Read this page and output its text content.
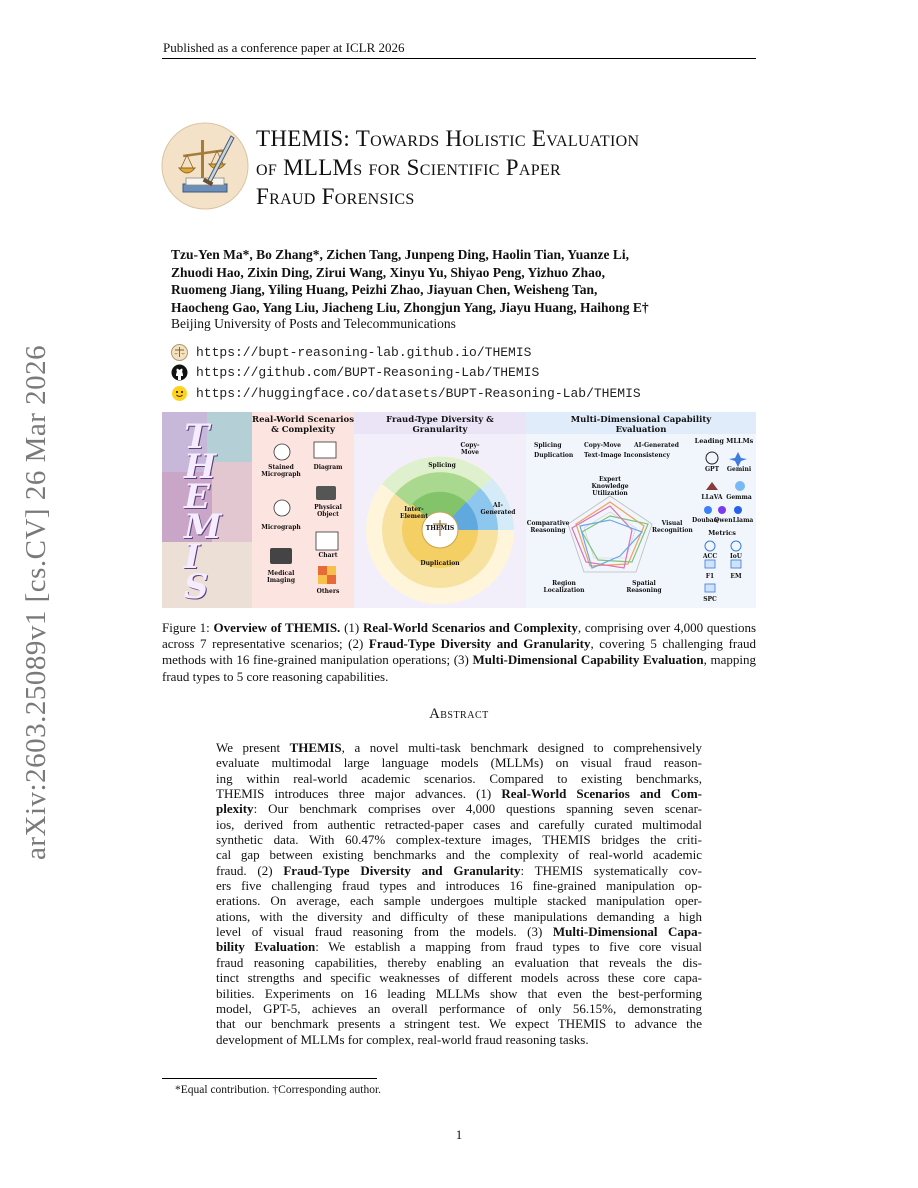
Published as a conference paper at ICLR 2026
arXiv:2603.25089v1 [cs.CV] 26 Mar 2026
THEMIS: Towards Holistic Evaluation
of MLLMs for Scientific Paper
Fraud Forensics
Tzu-Yen Ma*, Bo Zhang*, Zichen Tang, Junpeng Ding, Haolin Tian, Yuanze Li,
Zhuodi Hao, Zixin Ding, Zirui Wang, Xinyu Yu, Shiyao Peng, Yizhuo Zhao,
Ruomeng Jiang, Yiling Huang, Peizhi Zhao, Jiayuan Chen, Weisheng Tan,
Haocheng Gao, Yang Liu, Jiacheng Liu, Zhongjun Yang, Jiayu Huang, Haihong E†
Beijing University of Posts and Telecommunications
https://bupt-reasoning-lab.github.io/THEMIS
https://github.com/BUPT-Reasoning-Lab/THEMIS
https://huggingface.co/datasets/BUPT-Reasoning-Lab/THEMIS
Real-World Scenarios & Complexity
Fraud-Type Diversity & Granularity
Multi-Dimensional Capability Evaluation
THEMIS
Stained Micrograph
Diagram
Micrograph
Physical Object
Medical Imaging
Chart
Others
THEMIS
Splicing
Duplication
Copy-Move
AI-Generated
Inter-Element
Splicing	Copy-Move	AI-Generated
Duplication	Text-Image Inconsistency
Expert Knowledge Utilization
Visual Recognition
Spatial Reasoning
Region Localization
Comparative Reasoning
Leading MLLMs
GPT	Gemini
LLaVA Gemma
Doubao
Qwen Llama
Metrics
ACC	IoU
F1	EM
SPC
Figure 1: Overview of THEMIS. (1) Real-World Scenarios and Complexity, comprising over 4,000 questions across 7 representative scenarios; (2) Fraud-Type Diversity and Granularity, covering 5 challenging fraud methods with 16 fine-grained manipulation operations; (3) Multi-Dimensional Capability Evaluation, mapping fraud types to 5 core reasoning capabilities.
Abstract
We present THEMIS, a novel multi-task benchmark designed to comprehensively
evaluate multimodal large language models (MLLMs) on visual fraud reason-
ing within real-world academic scenarios. Compared to existing benchmarks,
THEMIS introduces three major advances. (1) Real-World Scenarios and Com-
plexity: Our benchmark comprises over 4,000 questions spanning seven scenar-
ios, derived from authentic retracted-paper cases and carefully curated multimodal
synthetic data. With 60.47% complex-texture images, THEMIS bridges the criti-
cal gap between existing benchmarks and the complexity of real-world academic
fraud. (2) Fraud-Type Diversity and Granularity: THEMIS systematically cov-
ers five challenging fraud types and introduces 16 fine-grained manipulation op-
erations. On average, each sample undergoes multiple stacked manipulation oper-
ations, with the diversity and difficulty of these manipulations demanding a high
level of visual fraud reasoning from the models. (3) Multi-Dimensional Capa-
bility Evaluation: We establish a mapping from fraud types to five core visual
fraud reasoning capabilities, thereby enabling an evaluation that reveals the dis-
tinct strengths and specific weaknesses of different models across these core capa-
bilities. Experiments on 16 leading MLLMs show that even the best-performing
model, GPT-5, achieves an overall performance of only 56.15%, demonstrating
that our benchmark presents a stringent test. We expect THEMIS to advance the
development of MLLMs for complex, real-world fraud reasoning tasks.
*Equal contribution. †Corresponding author.
1
